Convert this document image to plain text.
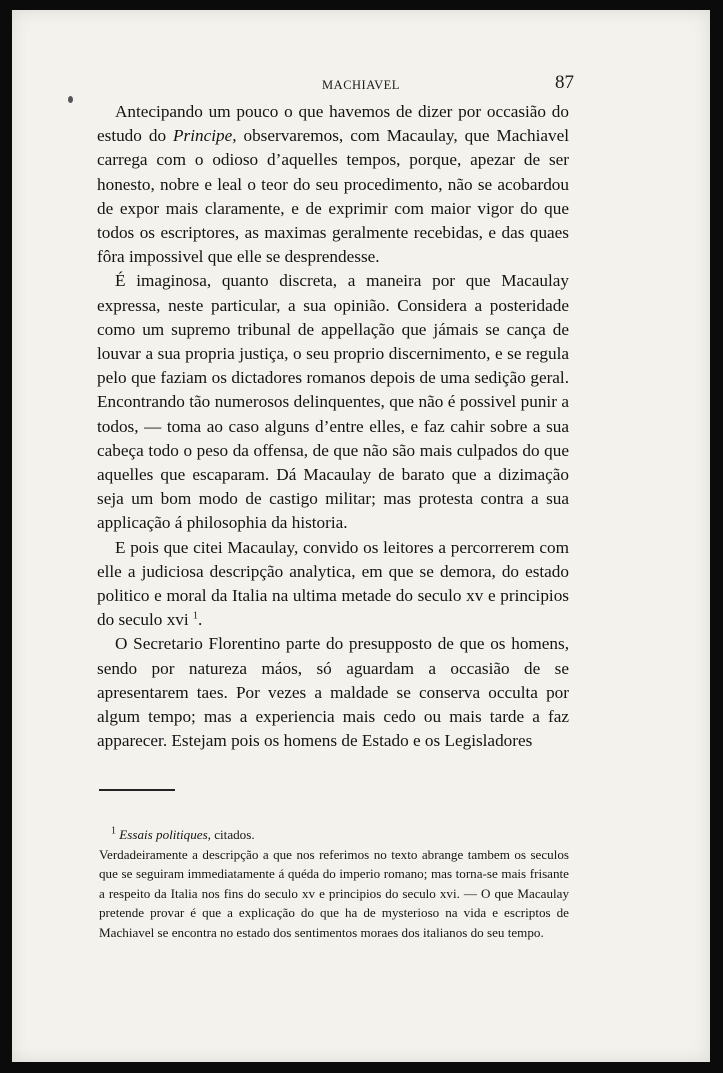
MACHIAVEL	87

Antecipando um pouco o que havemos de dizer por occasião do estudo do Principe, observaremos, com Macaulay, que Machiavel carrega com o odioso d’aquelles tempos, porque, apezar de ser honesto, nobre e leal o teor do seu procedimento, não se acobardou de expor mais claramente, e de exprimir com maior vigor do que todos os escriptores, as maximas geralmente recebidas, e das quaes fôra impossivel que elle se desprendesse.

É imaginosa, quanto discreta, a maneira por que Macaulay expressa, neste particular, a sua opinião. Considera a posteridade como um supremo tribunal de appellação que jámais se cança de louvar a sua propria justiça, o seu proprio discernimento, e se regula pelo que faziam os dictadores romanos depois de uma sedição geral. Encontrando tão numerosos delinquentes, que não é possivel punir a todos, — toma ao caso alguns d’entre elles, e faz cahir sobre a sua cabeça todo o peso da offensa, de que não são mais culpados do que aquelles que escaparam. Dá Macaulay de barato que a dizimação seja um bom modo de castigo militar; mas protesta contra a sua applicação á philosophia da historia.

E pois que citei Macaulay, convido os leitores a percorrerem com elle a judiciosa descripção analytica, em que se demora, do estado politico e moral da Italia na ultima metade do seculo xv e principios do seculo xvi $^1$.

O Secretario Florentino parte do presupposto de que os homens, sendo por natureza máos, só aguardam a occasião de se apresentarem taes. Por vezes a maldade se conserva occulta por algum tempo; mas a experiencia mais cedo ou mais tarde a faz apparecer. Estejam pois os homens de Estado e os Legisladores

$^1$ Essais politiques, citados.

Verdadeiramente a descripção a que nos referimos no texto abrange tambem os seculos que se seguiram immediatamente á quéda do imperio romano; mas torna-se mais frisante a respeito da Italia nos fins do seculo xv e principios do seculo xvi. — O que Macaulay pretende provar é que a explicação do que ha de mysterioso na vida e escriptos de Machiavel se encontra no estado dos sentimentos moraes dos italianos do seu tempo.
